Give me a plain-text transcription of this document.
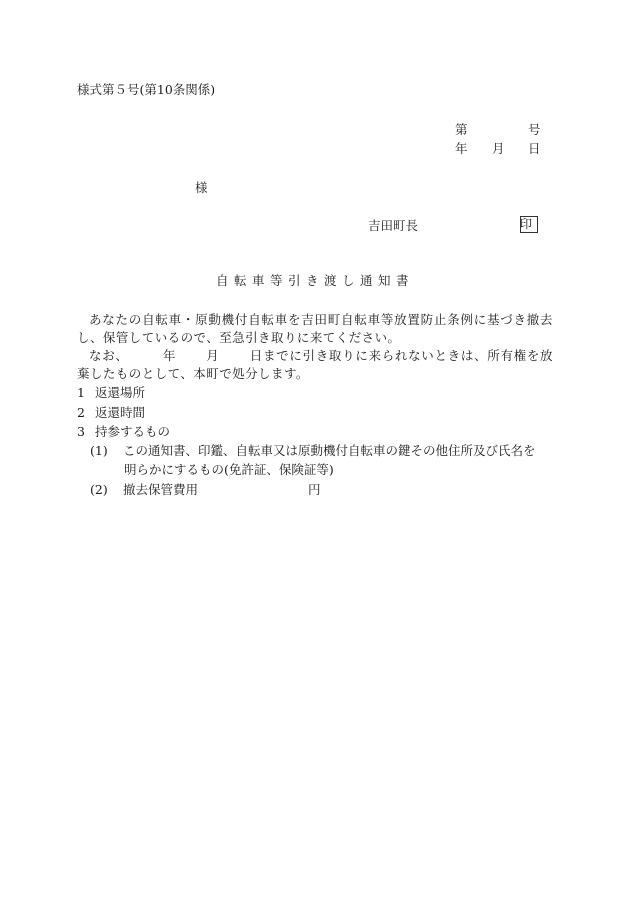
様式第５号(第10条関係)
第	号
年 月 日
様
吉田町長	印
自転車等引き渡し通知書
あなたの自転車・原動機付自転車を吉田町自転車等放置防止条例に基づき撤去し、保管しているので、至急引き取りに来てください。
なお、	年 月 日までに引き取りに来られないときは、所有権を放棄したものとして、本町で処分します。
1 返還場所
2 返還時間
3 持参するもの
(1) この通知書、印鑑、自転車又は原動機付自転車の鍵その他住所及び氏名を
明らかにするもの(免許証、保険証等)
(2) 撤去保管費用	円
